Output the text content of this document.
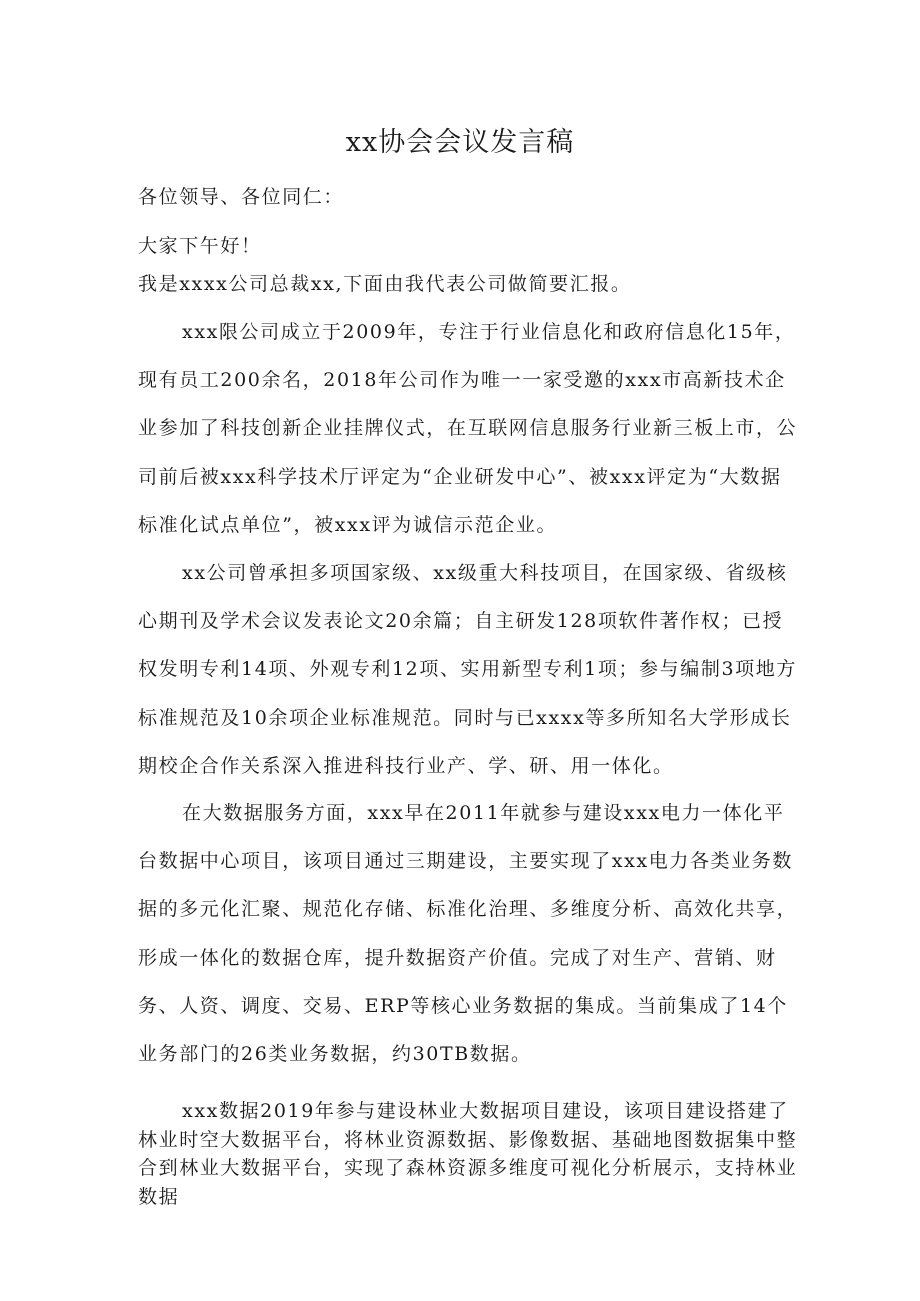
xx协会会议发言稿

各位领导、各位同仁：

大家下午好！

我是xxxx公司总裁xx,下面由我代表公司做简要汇报。

xxx限公司成立于2009年，专注于行业信息化和政府信息化15年，现有员工200余名，2018年公司作为唯一一家受邀的xxx市高新技术企业参加了科技创新企业挂牌仪式，在互联网信息服务行业新三板上市，公司前后被xxx科学技术厅评定为“企业研发中心”、被xxx评定为“大数据标准化试点单位”，被xxx评为诚信示范企业。

xx公司曾承担多项国家级、xx级重大科技项目，在国家级、省级核心期刊及学术会议发表论文20余篇；自主研发128项软件著作权；已授权发明专利14项、外观专利12项、实用新型专利1项；参与编制3项地方标准规范及10余项企业标准规范。同时与已xxxx等多所知名大学形成长期校企合作关系深入推进科技行业产、学、研、用一体化。

在大数据服务方面，xxx早在2011年就参与建设xxx电力一体化平台数据中心项目，该项目通过三期建设，主要实现了xxx电力各类业务数据的多元化汇聚、规范化存储、标准化治理、多维度分析、高效化共享，形成一体化的数据仓库，提升数据资产价值。完成了对生产、营销、财务、人资、调度、交易、ERP等核心业务数据的集成。当前集成了14个业务部门的26类业务数据，约30TB数据。

xxx数据2019年参与建设林业大数据项目建设，该项目建设搭建了林业时空大数据平台，将林业资源数据、影像数据、基础地图数据集中整合到林业大数据平台，实现了森林资源多维度可视化分析展示，支持林业数据
